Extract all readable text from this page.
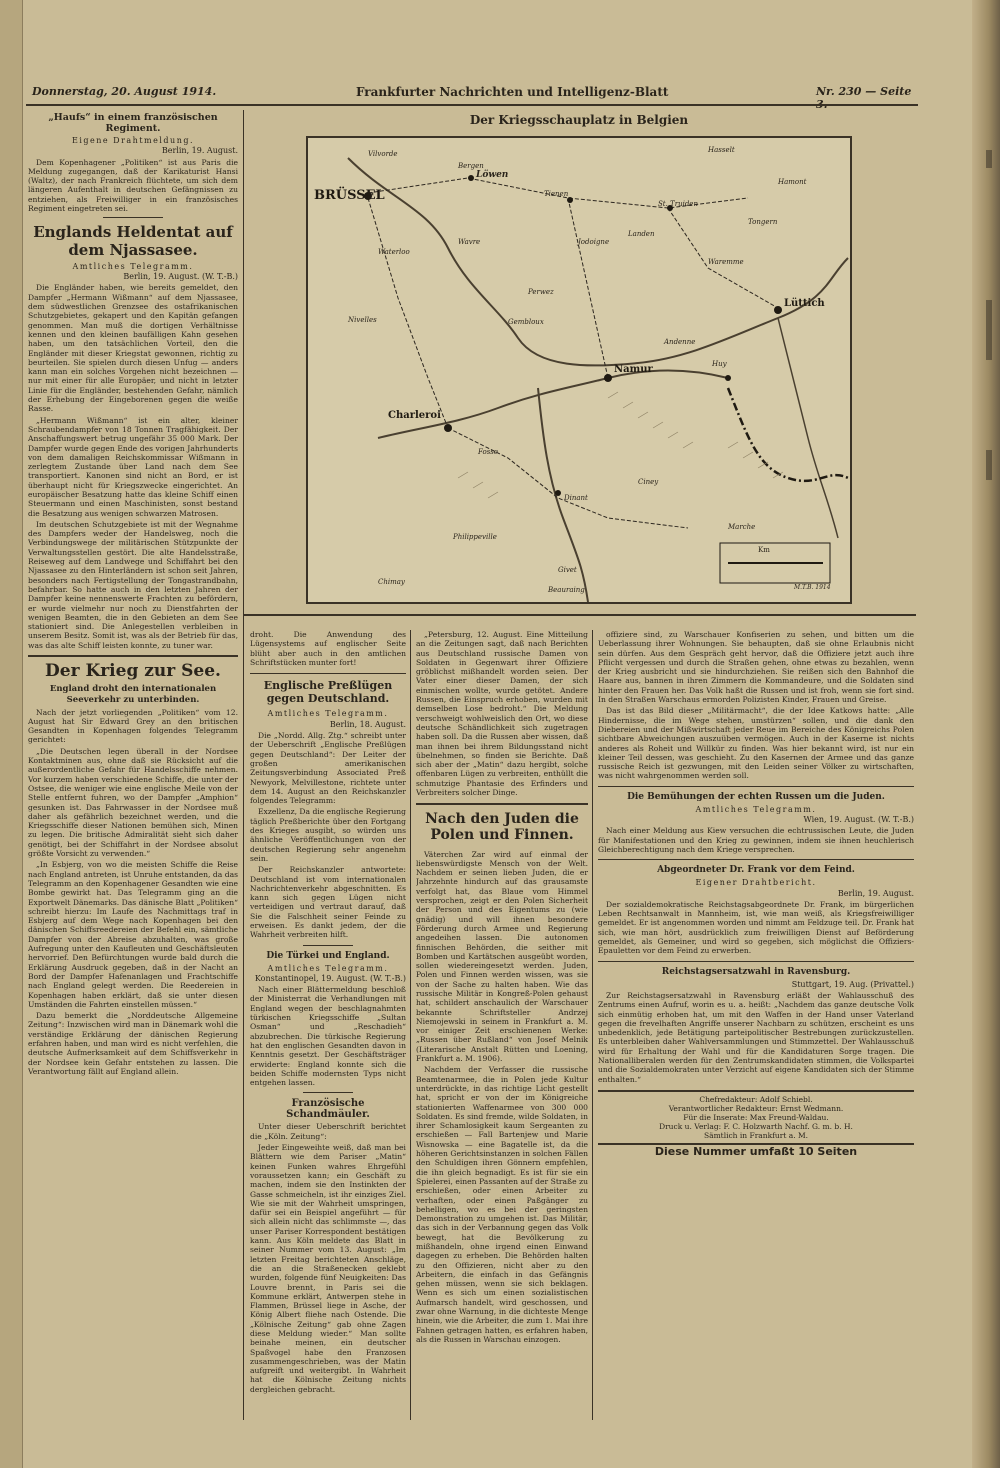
Donnerstag, 20. August 1914.	Frankfurter Nachrichten und Intelligenz-Blatt	Nr. 230 — Seite
„Haufs“ in einem französischen Regiment.
Eigene Drahtmeldung.
Berlin, 19. August.

Dem Kopenhagener „Politiken“ ist aus Paris die Meldung zugegangen, daß der Karikaturist Hansi (Waltz), der nach Frankreich flüchtete, um sich dem längeren Aufenthalt in deutschen Gefängnissen zu entziehen, als Freiwilliger in ein französisches Regiment eingetreten sei.

Englands Heldentat auf dem Njassasee.
Amtliches Telegramm.
Berlin, 19. August. (W. T.-B.)

Die Engländer haben, wie bereits gemeldet, den Dampfer „Hermann Wißmann“ auf dem Njassasee, dem südwestlichen Grenzsee des ostafrikanischen Schutzgebietes, gekapert und den Kapitän gefangen genommen. Man muß die dortigen Verhältnisse kennen und den kleinen baufälligen Kahn gesehen haben, um den tatsächlichen Vorteil, den die Engländer mit dieser Kriegstat gewonnen, richtig zu beurteilen. Sie spielen durch diesen Unfug — anders kann man ein solches Vorgehen nicht bezeichnen — nur mit einer für alle Europäer, und nicht in letzter Linie für die Engländer, bestehenden Gefahr, nämlich der Erhebung der Eingeborenen gegen die weiße Rasse.

„Hermann Wißmann“ ist ein alter, kleiner Schraubendampfer von 18 Tonnen Tragfähigkeit. Der Anschaffungswert betrug ungefähr 35 000 Mark. Der Dampfer wurde gegen Ende des vorigen Jahrhunderts von dem damaligen Reichskommissar Wißmann in zerlegtem Zustande über Land nach dem See transportiert. Kanonen sind nicht an Bord, er ist überhaupt nicht für Kriegszwecke eingerichtet. An europäischer Besatzung hatte das kleine Schiff einen Steuermann und einen Maschinisten, sonst bestand die Besatzung aus wenigen schwarzen Matrosen.

Im deutschen Schutzgebiete ist mit der Wegnahme des Dampfers weder der Handelsweg, noch die Verbindungswege der militärischen Stützpunkte der Verwaltungsstellen gestört. Die alte Handelsstraße, Reiseweg auf dem Landwege und Schiffahrt bei den Njassasee zu den Hinterländern ist schon seit Jahren, besonders nach Fertigstellung der Tongastrandbahn, befahrbar. So hatte auch in den letzten Jahren der Dampfer keine nennenswerte Frachten zu befördern, er wurde vielmehr nur noch zu Dienstfahrten der wenigen Beamten, die in den Gebieten an dem See stationiert sind. Die Anlegestellen verbleiben in unserem Besitz. Somit ist, was als der Betrieb für das, was das alte Schiff leisten konnte, zu tuner war.

Der Krieg zur See.
England droht den internationalen Seeverkehr zu unterbinden.

Nach der jetzt vorliegenden „Politiken“ vom 12. August hat Sir Edward Grey an den britischen Gesandten in Kopenhagen folgendes Telegramm gerichtet:

„Die Deutschen legen überall in der Nordsee Kontaktminen aus, ohne daß sie Rücksicht auf die außerordentliche Gefahr für Handelsschiffe nehmen. Vor kurzem haben verschiedene Schiffe, die unter der Ostsee, die weniger wie eine englische Meile von der Stelle entfernt fuhren, wo der Dampfer „Amphion“ gesunken ist. Das Fahrwasser in der Nordsee muß daher als gefährlich bezeichnet werden, und die Kriegsschiffe dieser Nationen bemühen sich, Minen zu legen. Die britische Admiralität sieht sich daher genötigt, bei der Schiffahrt in der Nordsee absolut größte Vorsicht zu verwenden.“

„In Esbjerg, von wo die meisten Schiffe die Reise nach England antreten, ist Unruhe entstanden, da das Telegramm an den Kopenhagener Gesandten wie eine Bombe gewirkt hat. Das Telegramm ging an die Exportwelt Dänemarks. Das dänische Blatt „Politiken“ schreibt hierzu: Im Laufe des Nachmittags traf in Esbjerg auf dem Wege nach Kopenhagen bei den dänischen Schiffsreedereien der Befehl ein, sämtliche Dampfer von der Abreise abzuhalten, was große Aufregung unter den Kaufleuten und Geschäftsleuten hervorrief. Den Befürchtungen wurde bald durch die Erklärung Ausdruck gegeben, daß in der Nacht an Bord der Dampfer Hafenanlagen und Frachtschiffe nach England gelegt werden. Die Reedereien in Kopenhagen haben erklärt, daß sie unter diesen Umständen die Fahrten einstellen müssen.“

Dazu bemerkt die „Norddeutsche Allgemeine Zeitung“: Inzwischen wird man in Dänemark wohl die verständige Erklärung der dänischen Regierung erfahren haben, und man wird es nicht verfehlen, die deutsche Aufmerksamkeit auf dem Schiffsverkehr in der Nordsee kein Gefahr entstehen zu lassen. Die Verantwortung fällt auf England allein.

Der Kriegsschauplatz in Belgien
BRÜSSEL
Bergen
Löwen
Hasselt
Vilvorde
Tienen
St. Truiden
Waterloo
Wavre
Lüttich
Nivelles
Perwez
Huy
Namur
Charleroi
Dinant
Givet
Marche
Philippeville
Chimay
Beauraing
Fosse
Ciney
Andenne
Gembloux
Jodoigne
Landen
Waremme
Tongern
Hamont
Km
M.T.B. 1914

droht. Die Anwendung des Lügensystems auf englischer Seite blüht aber auch in den amtlichen Schriftstücken munter fort!

Englische Preßlügen gegen Deutschland.
Amtliches Telegramm.
Berlin, 18. August.

Die „Nordd. Allg. Ztg.“ schreibt unter der Ueberschrift „Englische Preßlügen gegen Deutschland“: Der Leiter der großen amerikanischen Zeitungsverbindung Associated Preß Newyork, Melvillestone, richtete unter dem 14. August an den Reichskanzler folgendes Telegramm:

Exzellenz, Da die englische Regierung täglich Preßberichte über den Fortgang des Krieges ausgibt, so würden uns ähnliche Veröffentlichungen von der deutschen Regierung sehr angenehm sein.

Der Reichskanzler antwortete: Deutschland ist vom internationalen Nachrichtenverkehr abgeschnitten. Es kann sich gegen Lügen nicht verteidigen und vertraut darauf, daß Sie die Falschheit seiner Feinde zu erweisen. Es dankt jedem, der die Wahrheit verbreiten hilft.

Die Türkei und England.
Amtliches Telegramm.
Konstantinopel, 19. August. (W. T.-B.)

Nach einer Blättermeldung beschloß der Ministerrat die Verhandlungen mit England wegen der beschlagnahmten türkischen Kriegsschiffe „Sultan Osman“ und „Reschadieh“ abzubrechen. Die türkische Regierung hat den englischen Gesandten davon in Kenntnis gesetzt. Der Geschäftsträger erwiderte: England konnte sich die beiden Schiffe modernsten Typs nicht entgehen lassen.

Französische Schandmäuler.

Unter dieser Ueberschrift berichtet die „Köln. Zeitung“:

Jeder Eingeweihte weiß, daß man bei Blättern wie dem Pariser „Matin“ keinen Funken wahres Ehrgefühl voraussetzen kann; ein Geschäft zu machen, indem sie den Instinkten der Gasse schmeicheln, ist ihr einziges Ziel. Wie sie mit der Wahrheit umspringen, dafür sei ein Beispiel angeführt — für sich allein nicht das schlimmste —, das unser Pariser Korrespondent bestätigen kann. Aus Köln meldete das Blatt in seiner Nummer vom 13. August: „Im letzten Freitag berichteten Anschläge, die an die Straßenecken geklebt wurden, folgende fünf Neuigkeiten: Das Louvre brennt, in Paris sei die Kommune erklärt, Antwerpen stehe in Flammen, Brüssel liege in Asche, der König Albert fliehe nach Ostende. Die „Kölnische Zeitung“ gab ohne Zagen diese Meldung wieder.“ Man sollte beinahe meinen, ein deutscher Spaßvogel habe den Franzosen zusammengeschrieben, was der Matin aufgreift und weitergibt. In Wahrheit hat die Kölnische Zeitung nichts dergleichen gebracht.

„Petersburg, 12. August. Eine Mitteilung an die Zeitungen sagt, daß nach Berichten aus Deutschland russische Damen von Soldaten in Gegenwart ihrer Offiziere gröblichst mißhandelt worden seien. Der Vater einer dieser Damen, der sich einmischen wollte, wurde getötet. Andere Russen, die Einspruch erhoben, wurden mit demselben Lose bedroht.“ Die Meldung verschweigt wohlweislich den Ort, wo diese deutsche Schändlichkeit sich zugetragen haben soll. Da die Russen aber wissen, daß man ihnen bei ihrem Bildungsstand nicht übelnehmen, so finden sie Berichte. Daß sich aber der „Matin“ dazu hergibt, solche offenbaren Lügen zu verbreiten, enthüllt die schmutzige Phantasie des Erfinders und Verbreiters solcher Dinge.

Nach den Juden die Polen und Finnen.

Väterchen Zar wird auf einmal der liebenswürdigste Mensch von der Welt. Nachdem er seinen lieben Juden, die er Jahrzehnte hindurch auf das grausamste verfolgt hat, das Blaue vom Himmel versprochen, zeigt er den Polen Sicherheit der Person und des Eigentums zu (wie gnädig) und will ihnen besondere Förderung durch Armee und Regierung angedeihen lassen. Die autonomen finnischen Behörden, die seither mit Bomben und Kartätschen ausgeübt worden, sollen wiedereingesetzt werden. Juden, Polen und Finnen werden wissen, was sie von der Sache zu halten haben. Wie das russische Militär in Kongreß-Polen gehaust hat, schildert anschaulich der Warschauer bekannte Schriftsteller Andrzej Niemojewski in seinem in Frankfurt a. M. vor einiger Zeit erschienenen Werke: „Russen über Rußland“ von Josef Melnik (Literarische Anstalt Rütten und Loening, Frankfurt a. M. 1906).

Nachdem der Verfasser die russische Beamtenarmee, die in Polen jede Kultur unterdrückte, in das richtige Licht gestellt hat, spricht er von der im Königreiche stationierten Waffenarmee von 300 000 Soldaten. Es sind fremde, wilde Soldaten, in ihrer Schamlosigkeit kaum Sergeanten zu erschießen — Fall Bartenjew und Marie Wisnowska — eine Bagatelle ist, da die höheren Gerichtsinstanzen in solchen Fällen den Schuldigen ihren Gönnern empfehlen, die ihn gleich begnadigt. Es ist für sie ein Spielerei, einen Passanten auf der Straße zu erschießen, oder einen Arbeiter zu verhaften, oder einen Paßgänger zu behelligen, wo es bei der geringsten Demonstration zu umgehen ist. Das Militär, das sich in der Verbannung gegen das Volk bewegt, hat die Bevölkerung zu mißhandeln, ohne irgend einen Einwand dagegen zu erheben. Die Behörden halten zu den Offizieren, nicht aber zu den Arbeitern, die einfach in das Gefängnis gehen müssen, wenn sie sich beklagen. Wenn es sich um einen sozialistischen Aufmarsch handelt, wird geschossen, und zwar ohne Warnung, in die dichteste Menge hinein, wie die Arbeiter, die zum 1. Mai ihre Fahnen getragen hatten, es erfahren haben, als die Russen in Warschau einzogen.

offiziere sind, zu Warschauer Konfiserien zu sehen, und bitten um die Ueberlassung ihrer Wohnungen. Sie behaupten, daß sie ohne Erlaubnis nicht sein dürfen. Aus dem Gespräch geht hervor, daß die Offiziere jetzt auch ihre Pflicht vergessen und durch die Straßen gehen, ohne etwas zu bezahlen, wenn der Krieg ausbricht und sie hindurchziehen. Sie reißen sich den Bahnhof die Haare aus, bannen in ihren Zimmern die Kommandeure, und die Soldaten sind hinter den Frauen her. Das Volk haßt die Russen und ist froh, wenn sie fort sind. In den Straßen Warschaus ermorden Polizisten Kinder, Frauen und Greise.

Das ist das Bild dieser „Militärmacht“, die der Idee Katkows hatte: „Alle Hindernisse, die im Wege stehen, umstürzen“ sollen, und die dank den Diebereien und der Mißwirtschaft jeder Reue im Bereiche des Königreichs Polen sichtbare Abweichungen auszuüben vermögen. Auch in der Kaserne ist nichts anderes als Roheit und Willkür zu finden. Was hier bekannt wird, ist nur ein kleiner Teil dessen, was geschieht. Zu den Kasernen der Armee und das ganze russische Reich ist gezwungen, mit den Leiden seiner Völker zu wirtschaften, was nicht wahrgenommen werden soll.

Die Bemühungen der echten Russen um die Juden.
Amtliches Telegramm.
Wien, 19. August. (W. T.-B.)

Nach einer Meldung aus Kiew versuchen die echtrussischen Leute, die Juden für Manifestationen und den Krieg zu gewinnen, indem sie ihnen heuchlerisch Gleichberechtigung nach dem Kriege versprechen.

Abgeordneter Dr. Frank vor dem Feind.
Eigener Drahtbericht.
Berlin, 19. August.

Der sozialdemokratische Reichstagsabgeordnete Dr. Frank, im bürgerlichen Leben Rechtsanwalt in Mannheim, ist, wie man weiß, als Kriegsfreiwilliger gemeldet. Er ist angenommen worden und nimmt am Feldzuge teil. Dr. Frank hat sich, wie man hört, ausdrücklich zum freiwilligen Dienst auf Beförderung gemeldet, als Gemeiner, und wird so gegeben, sich möglichst die Offiziers-Epauletten vor dem Feind zu erwerben.

Reichstagsersatzwahl in Ravensburg.
Stuttgart, 19. Aug. (Privattel.)

Zur Reichstagsersatzwahl in Ravensburg erläßt der Wahlausschuß des Zentrums einen Aufruf, worin es u. a. heißt: „Nachdem das ganze deutsche Volk sich einmütig erhoben hat, um mit den Waffen in der Hand unser Vaterland gegen die frevelhaften Angriffe unserer Nachbarn zu schützen, erscheint es uns unbedenklich, jede Betätigung parteipolitischer Bestrebungen zurückzustellen. Es unterbleiben daher Wahlversammlungen und Stimmzettel. Der Wahlausschuß wird für Erhaltung der Wahl und für die Kandidaturen Sorge tragen. Die Nationalliberalen werden für den Zentrumskandidaten stimmen, die Volkspartei und die Sozialdemokraten unter Verzicht auf eigene Kandidaten sich der Stimme enthalten.“

Chefredakteur: Adolf Schiebl.
Verantwortlicher Redakteur: Ernst Wedmann.
Für die Inserate: Max Freund-Waldau.
Druck u. Verlag: F. C. Holzwarth Nachf. G. m. b. H.
Sämtlich in Frankfurt a. M.
Diese Nummer umfaßt 10 Seiten
